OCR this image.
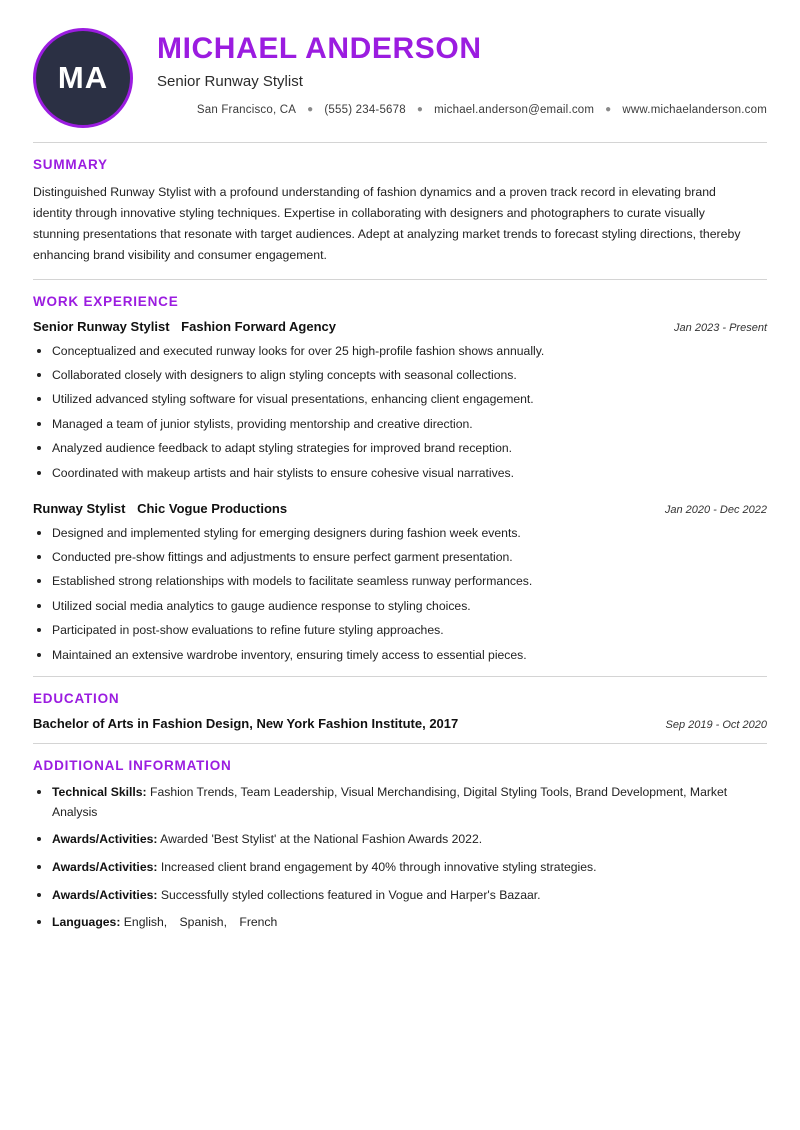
MA
MICHAEL ANDERSON
Senior Runway Stylist
San Francisco, CA ● (555) 234-5678 ● michael.anderson@email.com ● www.michaelanderson.com
SUMMARY

Distinguished Runway Stylist with a profound understanding of fashion dynamics and a proven track record in elevating brand identity through innovative styling techniques. Expertise in collaborating with designers and photographers to curate visually stunning presentations that resonate with target audiences. Adept at analyzing market trends to forecast styling directions, thereby enhancing brand visibility and consumer engagement.

WORK EXPERIENCE
Senior Runway Stylist Fashion Forward Agency	Jan 2023 - Present
Conceptualized and executed runway looks for over 25 high-profile fashion shows annually.
Collaborated closely with designers to align styling concepts with seasonal collections.
Utilized advanced styling software for visual presentations, enhancing client engagement.
Managed a team of junior stylists, providing mentorship and creative direction.
Analyzed audience feedback to adapt styling strategies for improved brand reception.
Coordinated with makeup artists and hair stylists to ensure cohesive visual narratives.
Runway Stylist Chic Vogue Productions	Jan 2020 - Dec 2022
Designed and implemented styling for emerging designers during fashion week events.
Conducted pre-show fittings and adjustments to ensure perfect garment presentation.
Established strong relationships with models to facilitate seamless runway performances.
Utilized social media analytics to gauge audience response to styling choices.
Participated in post-show evaluations to refine future styling approaches.
Maintained an extensive wardrobe inventory, ensuring timely access to essential pieces.
EDUCATION
Bachelor of Arts in Fashion Design, New York Fashion Institute, 2017	Sep 2019 - Oct 2020
ADDITIONAL INFORMATION
Technical Skills: Fashion Trends, Team Leadership, Visual Merchandising, Digital Styling Tools, Brand Development, Market Analysis
Awards/Activities: Awarded 'Best Stylist' at the National Fashion Awards 2022.
Awards/Activities: Increased client brand engagement by 40% through innovative styling strategies.
Awards/Activities: Successfully styled collections featured in Vogue and Harper's Bazaar.
Languages: English, Spanish, French
